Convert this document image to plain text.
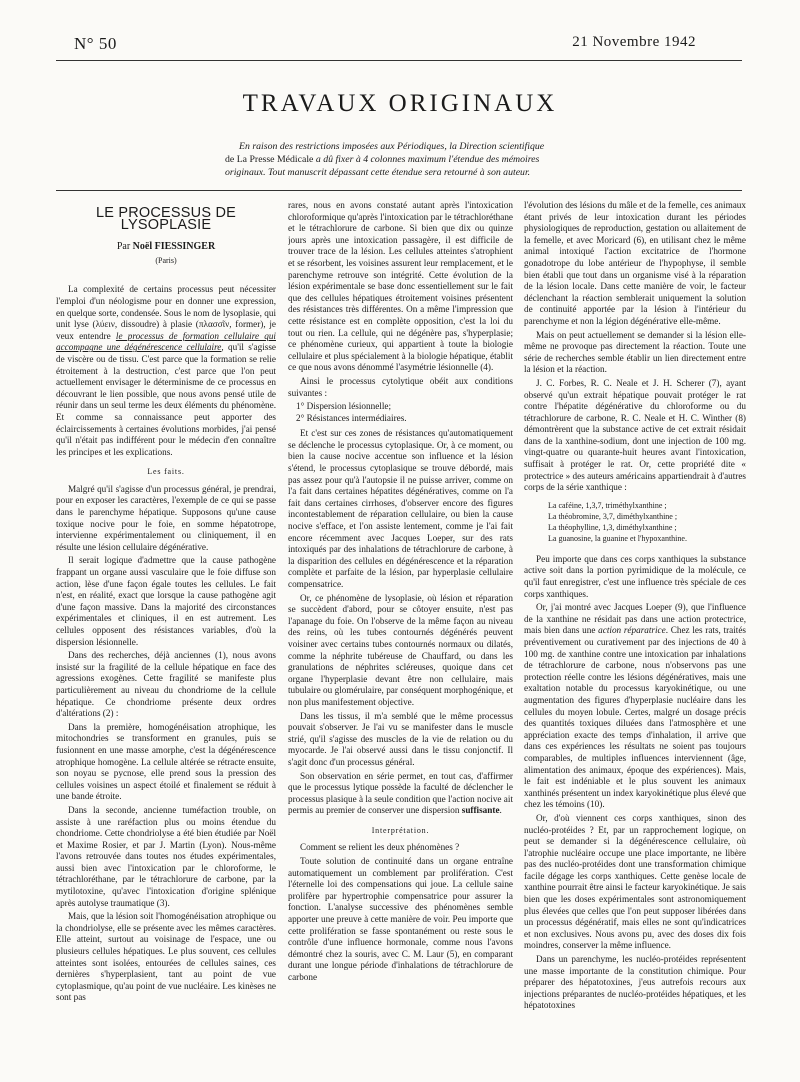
N° 50	21 Novembre 1942
TRAVAUX ORIGINAUX
En raison des restrictions imposées aux Périodiques, la Direction scientifique
de La Presse Médicale a dû fixer à 4 colonnes maximum l'étendue des mémoires
originaux. Tout manuscrit dépassant cette étendue sera retourné à son auteur.
LE PROCESSUS DE LYSOPLASIE
Par Noël FIESSINGER
(Paris)

La complexité de certains processus peut nécessiter l'emploi d'un néologisme pour en donner une expression, en quelque sorte, condensée. Sous le nom de lysoplasie, qui unit lyse (λύειν, dissoudre) à plasie (πλασσῖν, former), je veux entendre le processus de formation cellulaire qui accompagne une dégénérescence cellulaire, qu'il s'agisse de viscère ou de tissu. C'est parce que la formation se relie étroitement à la destruction, c'est parce que l'on peut actuellement envisager le déterminisme de ce processus en découvrant le lien possible, que nous avons pensé utile de réunir dans un seul terme les deux éléments du phénomène. Et comme sa connaissance peut apporter des éclaircissements à certaines évolutions morbides, j'ai pensé qu'il n'était pas indifférent pour le médecin d'en connaître les principes et les explications.

Les faits.

Malgré qu'il s'agisse d'un processus général, je prendrai, pour en exposer les caractères, l'exemple de ce qui se passe dans le parenchyme hépatique. Supposons qu'une cause toxique nocive pour le foie, en somme hépatotrope, intervienne expérimentalement ou cliniquement, il en résulte une lésion cellulaire dégénérative.

Il serait logique d'admettre que la cause pathogène frappant un organe aussi vasculaire que le foie diffuse son action, lèse d'une façon égale toutes les cellules. Le fait n'est, en réalité, exact que lorsque la cause pathogène agit d'une façon massive. Dans la majorité des circonstances expérimentales et cliniques, il en est autrement. Les cellules opposent des résistances variables, d'où la dispersion lésionnelle.

Dans des recherches, déjà anciennes (1), nous avons insisté sur la fragilité de la cellule hépatique en face des agressions exogènes. Cette fragilité se manifeste plus particulièrement au niveau du chondriome de la cellule hépatique. Ce chondriome présente deux ordres d'altérations (2) :

Dans la première, homogénéisation atrophique, les mitochondries se transforment en granules, puis se fusionnent en une masse amorphe, c'est la dégénérescence atrophique homogène. La cellule altérée se rétracte ensuite, son noyau se pycnose, elle prend sous la pression des cellules voisines un aspect étoilé et finalement se réduit à une bande étroite.

Dans la seconde, ancienne tuméfaction trouble, on assiste à une raréfaction plus ou moins étendue du chondriome. Cette chondriolyse a été bien étudiée par Noël et Maxime Rosier, et par J. Martin (Lyon). Nous-même l'avons retrouvée dans toutes nos études expérimentales, aussi bien avec l'intoxication par le chloroforme, le tétrachloréthane, par le tétrachlorure de carbone, par la mytilotoxine, qu'avec l'intoxication d'origine splénique après autolyse traumatique (3).

Mais, que la lésion soit l'homogénéisation atrophique ou la chondriolyse, elle se présente avec les mêmes caractères. Elle atteint, surtout au voisinage de l'espace, une ou plusieurs cellules hépatiques. Le plus souvent, ces cellules atteintes sont isolées, entourées de cellules saines, ces dernières s'hyperplasient, tant au point de vue cytoplasmique, qu'au point de vue nucléaire. Les kinèses ne sont pas

rares, nous en avons constaté autant après l'intoxication chloroformique qu'après l'intoxication par le tétrachloréthane et le tétrachlorure de carbone. Si bien que dix ou quinze jours après une intoxication passagère, il est difficile de trouver trace de la lésion. Les cellules atteintes s'atrophient et se résorbent, les voisines assurent leur remplacement, et le parenchyme retrouve son intégrité. Cette évolution de la lésion expérimentale se base donc essentiellement sur le fait que des cellules hépatiques étroitement voisines présentent des résistances très différentes. On a même l'impression que cette résistance est en complète opposition, c'est la loi du tout ou rien. La cellule, qui ne dégénère pas, s'hyperplasie; ce phénomène curieux, qui appartient à toute la biologie cellulaire et plus spécialement à la biologie hépatique, établit ce que nous avons dénommé l'asymétrie lésionnelle (4).

Ainsi le processus cytolytique obéit aux conditions suivantes :

1° Dispersion lésionnelle;
2° Résistances intermédiaires.

Et c'est sur ces zones de résistances qu'automatiquement se déclenche le processus cytoplasique. Or, à ce moment, ou bien la cause nocive accentue son influence et la lésion s'étend, le processus cytoplasique se trouve débordé, mais pas assez pour qu'à l'autopsie il ne puisse arriver, comme on l'a fait dans certaines hépatites dégénératives, comme on l'a fait dans certaines cirrhoses, d'observer encore des figures incontestablement de réparation cellulaire, ou bien la cause nocive s'efface, et l'on assiste lentement, comme je l'ai fait encore récemment avec Jacques Loeper, sur des rats intoxiqués par des inhalations de tétrachlorure de carbone, à la disparition des cellules en dégénérescence et la réparation complète et parfaite de la lésion, par hyperplasie cellulaire compensatrice.

Or, ce phénomène de lysoplasie, où lésion et réparation se succèdent d'abord, pour se côtoyer ensuite, n'est pas l'apanage du foie. On l'observe de la même façon au niveau des reins, où les tubes contournés dégénérés peuvent voisiner avec certains tubes contournés normaux ou dilatés, comme la néphrite tubéreuse de Chauffard, ou dans les granulations de néphrites scléreuses, quoique dans cet organe l'hyperplasie devant être non cellulaire, mais tubulaire ou glomérulaire, par conséquent morphogénique, et non plus manifestement objective.

Dans les tissus, il m'a semblé que le même processus pouvait s'observer. Je l'ai vu se manifester dans le muscle strié, qu'il s'agisse des muscles de la vie de relation ou du myocarde. Je l'ai observé aussi dans le tissu conjonctif. Il s'agit donc d'un processus général.

Son observation en série permet, en tout cas, d'affirmer que le processus lytique possède la faculté de déclencher le processus plasique à la seule condition que l'action nocive ait permis au premier de conserver une dispersion suffisante.

Interprétation.

Comment se relient les deux phénomènes ?

Toute solution de continuité dans un organe entraîne automatiquement un comblement par prolifération. C'est l'éternelle loi des compensations qui joue. La cellule saine prolifère par hypertrophie compensatrice pour assurer la fonction. L'analyse successive des phénomènes semble apporter une preuve à cette manière de voir. Peu importe que cette prolifération se fasse spontanément ou reste sous le contrôle d'une influence hormonale, comme nous l'avons démontré chez la souris, avec C. M. Laur (5), en comparant durant une longue période d'inhalations de tétrachlorure de carbone

l'évolution des lésions du mâle et de la femelle, ces animaux étant privés de leur intoxication durant les périodes physiologiques de reproduction, gestation ou allaitement de la femelle, et avec Moricard (6), en utilisant chez le même animal intoxiqué l'action excitatrice de l'hormone gonadotrope du lobe antérieur de l'hypophyse, il semble bien établi que tout dans un organisme visé à la réparation de la lésion locale. Dans cette manière de voir, le facteur déclenchant la réaction semblerait uniquement la solution de continuité apportée par la lésion à l'intérieur du parenchyme et non la légion dégénérative elle-même.

Mais on peut actuellement se demander si la lésion elle-même ne provoque pas directement la réaction. Toute une série de recherches semble établir un lien directement entre la lésion et la réaction.

J. C. Forbes, R. C. Neale et J. H. Scherer (7), ayant observé qu'un extrait hépatique pouvait protéger le rat contre l'hépatite dégénérative du chloroforme ou du tétrachlorure de carbone, R. C. Neale et H. C. Winther (8) démontrèrent que la substance active de cet extrait résidait dans de la xanthine-sodium, dont une injection de 100 mg. vingt-quatre ou quarante-huit heures avant l'intoxication, suffisait à protéger le rat. Or, cette propriété dite « protectrice » des auteurs américains appartiendrait à d'autres corps de la série xanthique :

La caféine, 1,3,7, triméthylxanthine ;
La théobromine, 3,7, diméthylxanthine ;
La théophylline, 1,3, diméthylxanthine ;
La guanosine, la guanine et l'hypoxanthine.

Peu importe que dans ces corps xanthiques la substance active soit dans la portion pyrimidique de la molécule, ce qu'il faut enregistrer, c'est une influence très spéciale de ces corps xanthiques.

Or, j'ai montré avec Jacques Loeper (9), que l'influence de la xanthine ne résidait pas dans une action protectrice, mais bien dans une action réparatrice. Chez les rats, traités préventivement ou curativement par des injections de 40 à 100 mg. de xanthine contre une intoxication par inhalations de tétrachlorure de carbone, nous n'observons pas une protection réelle contre les lésions dégénératives, mais une exaltation notable du processus karyokinétique, ou une augmentation des figures d'hyperplasie nucléaire dans les cellules du moyen lobule. Certes, malgré un dosage précis des quantités toxiques diluées dans l'atmosphère et une appréciation exacte des temps d'inhalation, il arrive que dans ces expériences les résultats ne soient pas toujours comparables, de multiples influences interviennent (âge, alimentation des animaux, époque des expériences). Mais, le fait est indéniable et le plus souvent les animaux xanthinés présentent un index karyokinétique plus élevé que chez les témoins (10).

Or, d'où viennent ces corps xanthiques, sinon des nucléo-protéides ? Et, par un rapprochement logique, on peut se demander si la dégénérescence cellulaire, où l'atrophie nucléaire occupe une place importante, ne libère pas des nucléo-protéides dont une transformation chimique facile dégage les corps xanthiques. Cette genèse locale de xanthine pourrait être ainsi le facteur karyokinétique. Je sais bien que les doses expérimentales sont astronomiquement plus élevées que celles que l'on peut supposer libérées dans un processus dégénératif, mais elles ne sont qu'indicatrices et non exclusives. Nous avons pu, avec des doses dix fois moindres, conserver la même influence.

Dans un parenchyme, les nucléo-protéides représentent une masse importante de la constitution chimique. Pour préparer des hépatotoxines, j'eus autrefois recours aux injections préparantes de nucléo-protéides hépatiques, et les hépatotoxines
